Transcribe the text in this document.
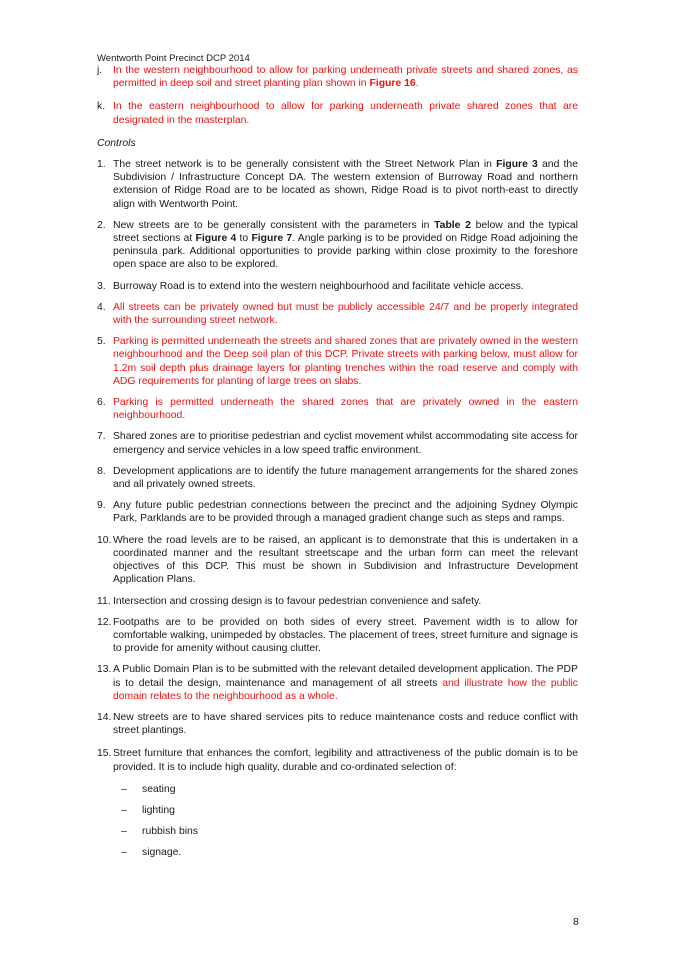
Wentworth Point Precinct DCP 2014
j. In the western neighbourhood to allow for parking underneath private streets and shared zones, as permitted in deep soil and street planting plan shown in Figure 16.
k. In the eastern neighbourhood to allow for parking underneath private shared zones that are designated in the masterplan.
Controls
1. The street network is to be generally consistent with the Street Network Plan in Figure 3 and the Subdivision / Infrastructure Concept DA. The western extension of Burroway Road and northern extension of Ridge Road are to be located as shown, Ridge Road is to pivot north-east to directly align with Wentworth Point.
2. New streets are to be generally consistent with the parameters in Table 2 below and the typical street sections at Figure 4 to Figure 7. Angle parking is to be provided on Ridge Road adjoining the peninsula park. Additional opportunities to provide parking within close proximity to the foreshore open space are also to be explored.
3. Burroway Road is to extend into the western neighbourhood and facilitate vehicle access.
4. All streets can be privately owned but must be publicly accessible 24/7 and be properly integrated with the surrounding street network.
5. Parking is permitted underneath the streets and shared zones that are privately owned in the western neighbourhood and the Deep soil plan of this DCP. Private streets with parking below, must allow for 1.2m soil depth plus drainage layers for planting trenches within the road reserve and comply with ADG requirements for planting of large trees on slabs.
6. Parking is permitted underneath the shared zones that are privately owned in the eastern neighbourhood.
7. Shared zones are to prioritise pedestrian and cyclist movement whilst accommodating site access for emergency and service vehicles in a low speed traffic environment.
8. Development applications are to identify the future management arrangements for the shared zones and all privately owned streets.
9. Any future public pedestrian connections between the precinct and the adjoining Sydney Olympic Park, Parklands are to be provided through a managed gradient change such as steps and ramps.
10. Where the road levels are to be raised, an applicant is to demonstrate that this is undertaken in a coordinated manner and the resultant streetscape and the urban form can meet the relevant objectives of this DCP. This must be shown in Subdivision and Infrastructure Development Application Plans.
11. Intersection and crossing design is to favour pedestrian convenience and safety.
12. Footpaths are to be provided on both sides of every street. Pavement width is to allow for comfortable walking, unimpeded by obstacles. The placement of trees, street furniture and signage is to provide for amenity without causing clutter.
13. A Public Domain Plan is to be submitted with the relevant detailed development application. The PDP is to detail the design, maintenance and management of all streets and illustrate how the public domain relates to the neighbourhood as a whole.
14. New streets are to have shared services pits to reduce maintenance costs and reduce conflict with street plantings.
15. Street furniture that enhances the comfort, legibility and attractiveness of the public domain is to be provided. It is to include high quality, durable and co-ordinated selection of:
– seating
– lighting
– rubbish bins
– signage.
8
